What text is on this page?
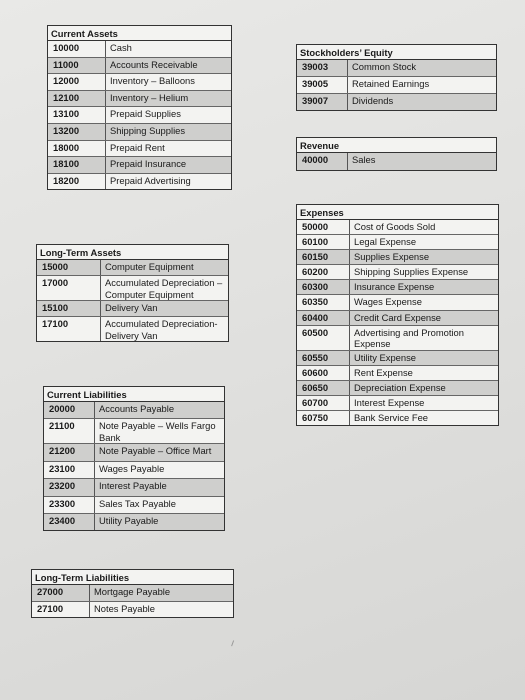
Current Assets
10000	Cash
11000	Accounts Receivable
12000	Inventory – Balloons
12100	Inventory – Helium
13100	Prepaid Supplies
13200	Shipping Supplies
18000	Prepaid Rent
18100	Prepaid Insurance
18200	Prepaid Advertising
Stockholders’ Equity
39003	Common Stock
39005	Retained Earnings
39007	Dividends
Revenue
40000	Sales
Expenses
50000	Cost of Goods Sold
60100	Legal Expense
60150	Supplies Expense
60200	Shipping Supplies Expense
60300	Insurance Expense
60350	Wages Expense
60400	Credit Card Expense
60500	Advertising and Promotion Expense
60550	Utility Expense
60600	Rent Expense
60650	Depreciation Expense
60700	Interest Expense
60750	Bank Service Fee
Long-Term Assets
15000	Computer Equipment
17000	Accumulated Depreciation –Computer Equipment
15100	Delivery Van
17100	Accumulated Depreciation-Delivery Van
Current Liabilities
20000	Accounts Payable
21100	Note Payable – Wells Fargo Bank
21200	Note Payable – Office Mart
23100	Wages Payable
23200	Interest Payable
23300	Sales Tax Payable
23400	Utility Payable
Long-Term Liabilities
27000	Mortgage Payable
27100	Notes Payable
